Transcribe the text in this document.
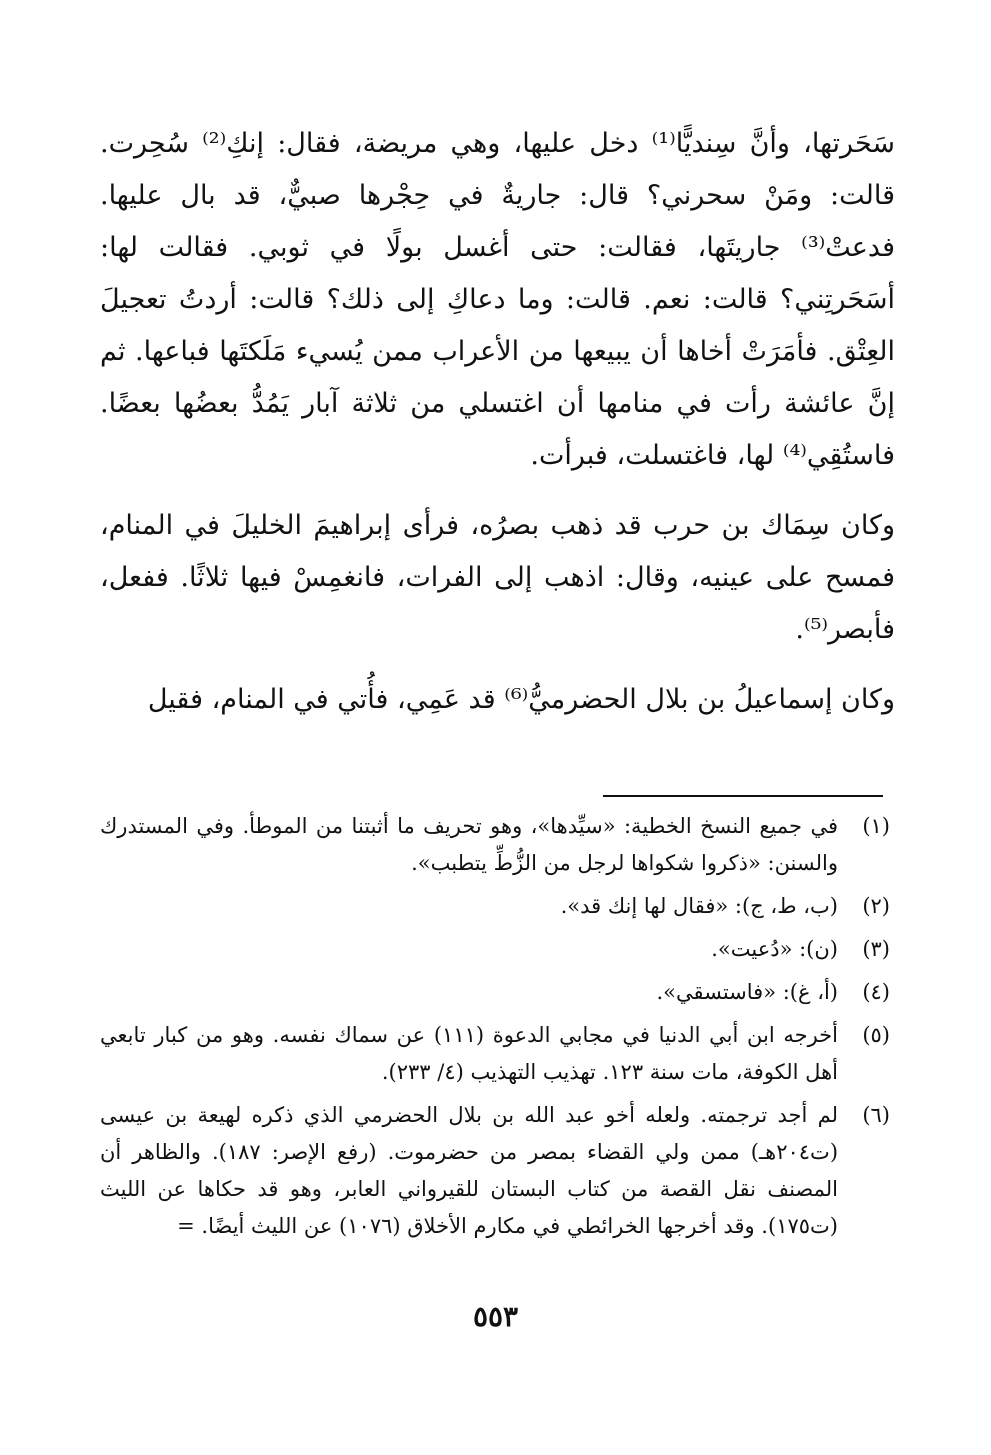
سَحَرتها، وأنَّ سِنديًّا⁽¹⁾ دخل عليها، وهي مريضة، فقال: إنكِ⁽²⁾ سُحِرت. قالت: ومَنْ سحرني؟ قال: جاريةٌ في حِجْرها صبيٌّ، قد بال عليها. فدعتْ⁽³⁾ جاريتَها، فقالت: حتى أغسل بولًا في ثوبي. فقالت لها: أسَحَرتِني؟ قالت: نعم. قالت: وما دعاكِ إلى ذلك؟ قالت: أردتُ تعجيلَ العِتْق. فأمَرَتْ أخاها أن يبيعها من الأعراب ممن يُسيء مَلَكتَها فباعها. ثم إنَّ عائشة رأت في منامها أن اغتسلي من ثلاثة آبار يَمُدُّ بعضُها بعضًا. فاستُقِي⁽⁴⁾ لها، فاغتسلت، فبرأت.

وكان سِمَاك بن حرب قد ذهب بصرُه، فرأى إبراهيمَ الخليلَ في المنام، فمسح على عينيه، وقال: اذهب إلى الفرات، فانغمِسْ فيها ثلاثًا. ففعل، فأبصر⁽⁵⁾.

وكان إسماعيلُ بن بلال الحضرميُّ⁽⁶⁾ قد عَمِي، فأُتي في المنام، فقيل

(١)
في جميع النسخ الخطية: «سيِّدها»، وهو تحريف ما أثبتنا من الموطأ. وفي المستدرك والسنن: «ذكروا شكواها لرجل من الزُّطِّ يتطبب».
(٢)
(ب، ط، ج): «فقال لها إنك قد».
(٣)
(ن): «دُعيت».
(٤)
(أ، غ): «فاستسقي».
(٥)
أخرجه ابن أبي الدنيا في مجابي الدعوة (١١١) عن سماك نفسه. وهو من كبار تابعي أهل الكوفة، مات سنة ١٢٣. تهذيب التهذيب (٤/ ٢٣٣).
(٦)
لم أجد ترجمته. ولعله أخو عبد الله بن بلال الحضرمي الذي ذكره لهيعة بن عيسى (ت٢٠٤هـ) ممن ولي القضاء بمصر من حضرموت. (رفع الإصر: ١٨٧). والظاهر أن المصنف نقل القصة من كتاب البستان للقيرواني العابر، وهو قد حكاها عن الليث (ت١٧٥). وقد أخرجها الخرائطي في مكارم الأخلاق (١٠٧٦) عن الليث أيضًا. =
٥٥٣
